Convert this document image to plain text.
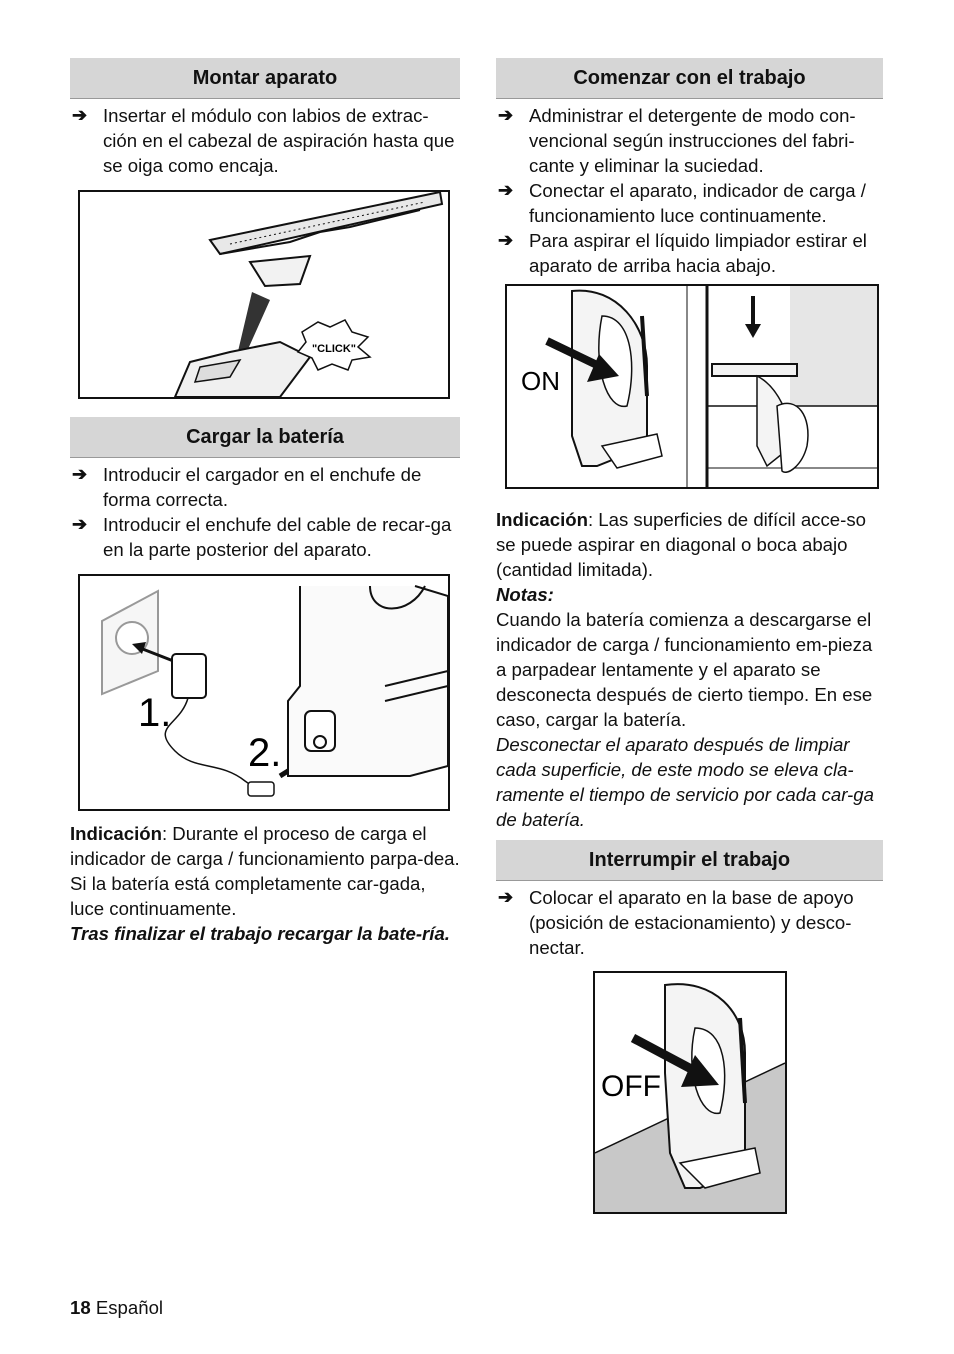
Montar aparato
➔ Insertar el módulo con labios de extrac-ción en el cabezal de aspiración hasta que se oiga como encaja.
"CLICK"
Cargar la batería
➔ Introducir el cargador en el enchufe de forma correcta.
➔ Introducir el enchufe del cable de recar-ga en la parte posterior del aparato.
1.
2.

Indicación: Durante el proceso de carga el indicador de carga / funcionamiento parpa-dea. Si la batería está completamente car-gada, luce continuamente.

Tras finalizar el trabajo recargar la bate-ría.

Comenzar con el trabajo
➔ Administrar el detergente de modo con-vencional según instrucciones del fabri-cante y eliminar la suciedad.
➔ Conectar el aparato, indicador de carga / funcionamiento luce continuamente.
➔ Para aspirar el líquido limpiador estirar el aparato de arriba hacia abajo.
ON

Indicación: Las superficies de difícil acce-so se puede aspirar en diagonal o boca abajo (cantidad limitada).

Notas:

Cuando la batería comienza a descargarse el indicador de carga / funcionamiento em-pieza a parpadear lentamente y el aparato se desconecta después de cierto tiempo. En ese caso, cargar la batería.

Desconectar el aparato después de limpiar cada superficie, de este modo se eleva cla-ramente el tiempo de servicio por cada car-ga de batería.

Interrumpir el trabajo
➔ Colocar el aparato en la base de apoyo (posición de estacionamiento) y desco-nectar.
OFF
18 Español
